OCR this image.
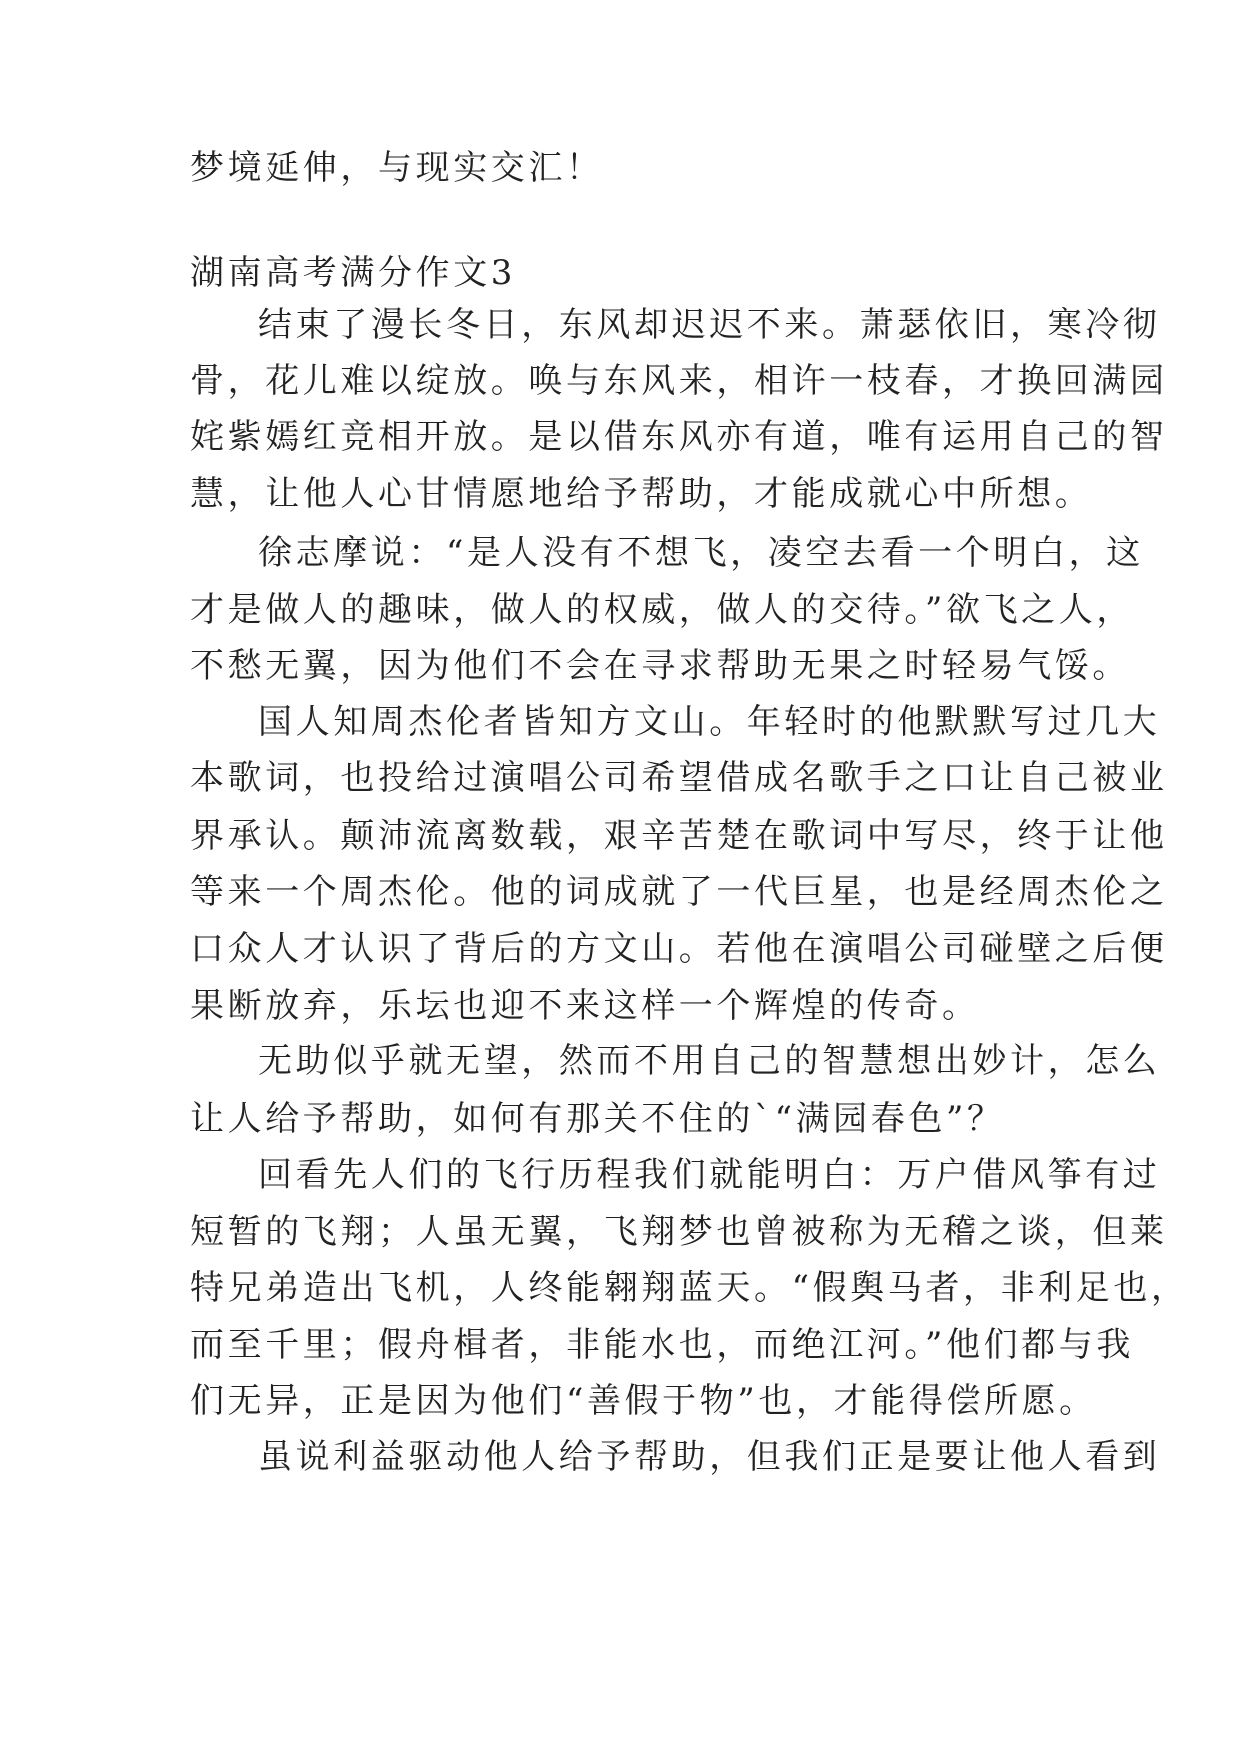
梦境延伸，与现实交汇！
湖南高考满分作文3
结束了漫长冬日，东风却迟迟不来。萧瑟依旧，寒冷彻
骨，花儿难以绽放。唤与东风来，相许一枝春，才换回满园
姹紫嫣红竞相开放。是以借东风亦有道，唯有运用自己的智
慧，让他人心甘情愿地给予帮助，才能成就心中所想。
徐志摩说：“是人没有不想飞，凌空去看一个明白，这
才是做人的趣味，做人的权威，做人的交待。”欲飞之人，
不愁无翼，因为他们不会在寻求帮助无果之时轻易气馁。
国人知周杰伦者皆知方文山。年轻时的他默默写过几大
本歌词，也投给过演唱公司希望借成名歌手之口让自己被业
界承认。颠沛流离数载，艰辛苦楚在歌词中写尽，终于让他
等来一个周杰伦。他的词成就了一代巨星，也是经周杰伦之
口众人才认识了背后的方文山。若他在演唱公司碰壁之后便
果断放弃，乐坛也迎不来这样一个辉煌的传奇。
无助似乎就无望，然而不用自己的智慧想出妙计，怎么
让人给予帮助，如何有那关不住的`“满园春色”？
回看先人们的飞行历程我们就能明白：万户借风筝有过
短暂的飞翔；人虽无翼，飞翔梦也曾被称为无稽之谈，但莱
特兄弟造出飞机，人终能翱翔蓝天。“假舆马者，非利足也，
而至千里；假舟楫者，非能水也，而绝江河。”他们都与我
们无异，正是因为他们“善假于物”也，才能得偿所愿。
虽说利益驱动他人给予帮助，但我们正是要让他人看到
